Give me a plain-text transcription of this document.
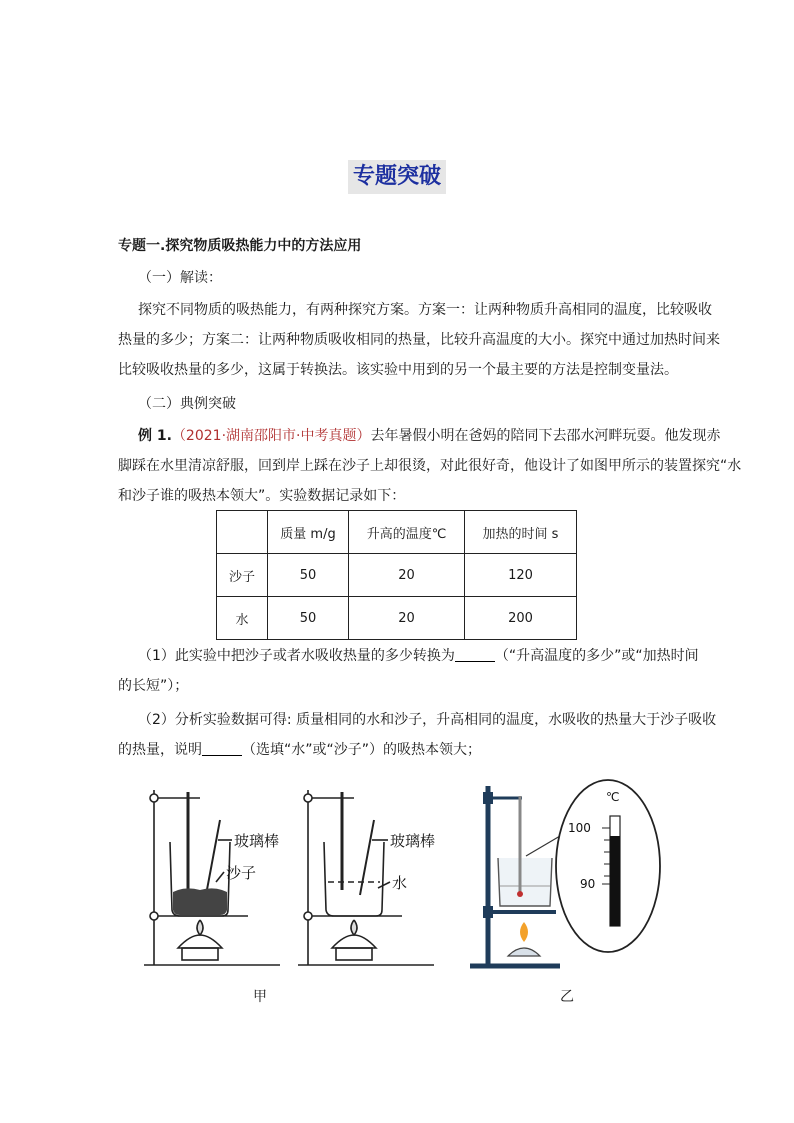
专题突破
专题一.探究物质吸热能力中的方法应用
（一）解读：
探究不同物质的吸热能力，有两种探究方案。方案一：让两种物质升高相同的温度，比较吸收
热量的多少；方案二：让两种物质吸收相同的热量，比较升高温度的大小。探究中通过加热时间来
比较吸收热量的多少，这属于转换法。该实验中用到的另一个最主要的方法是控制变量法。
（二）典例突破
例 1.（2021·湖南邵阳市·中考真题）去年暑假小明在爸妈的陪同下去邵水河畔玩耍。他发现赤
脚踩在水里清凉舒服，回到岸上踩在沙子上却很烫，对此很好奇，他设计了如图甲所示的装置探究“水
和沙子谁的吸热本领大”。实验数据记录如下：
	质量 m/g	升高的温度℃	加热的时间 s
沙子	50	20	120
水	50	20	200
（1）此实验中把沙子或者水吸收热量的多少转换为	（“升高温度的多少”或“加热时间
的长短”）；
（2）分析实验数据可得: 质量相同的水和沙子，升高相同的温度，水吸收的热量大于沙子吸收
的热量，说明	（选填“水”或“沙子”）的吸热本领大；
玻璃棒
沙子
玻璃棒
水
甲
℃
100
90
乙
